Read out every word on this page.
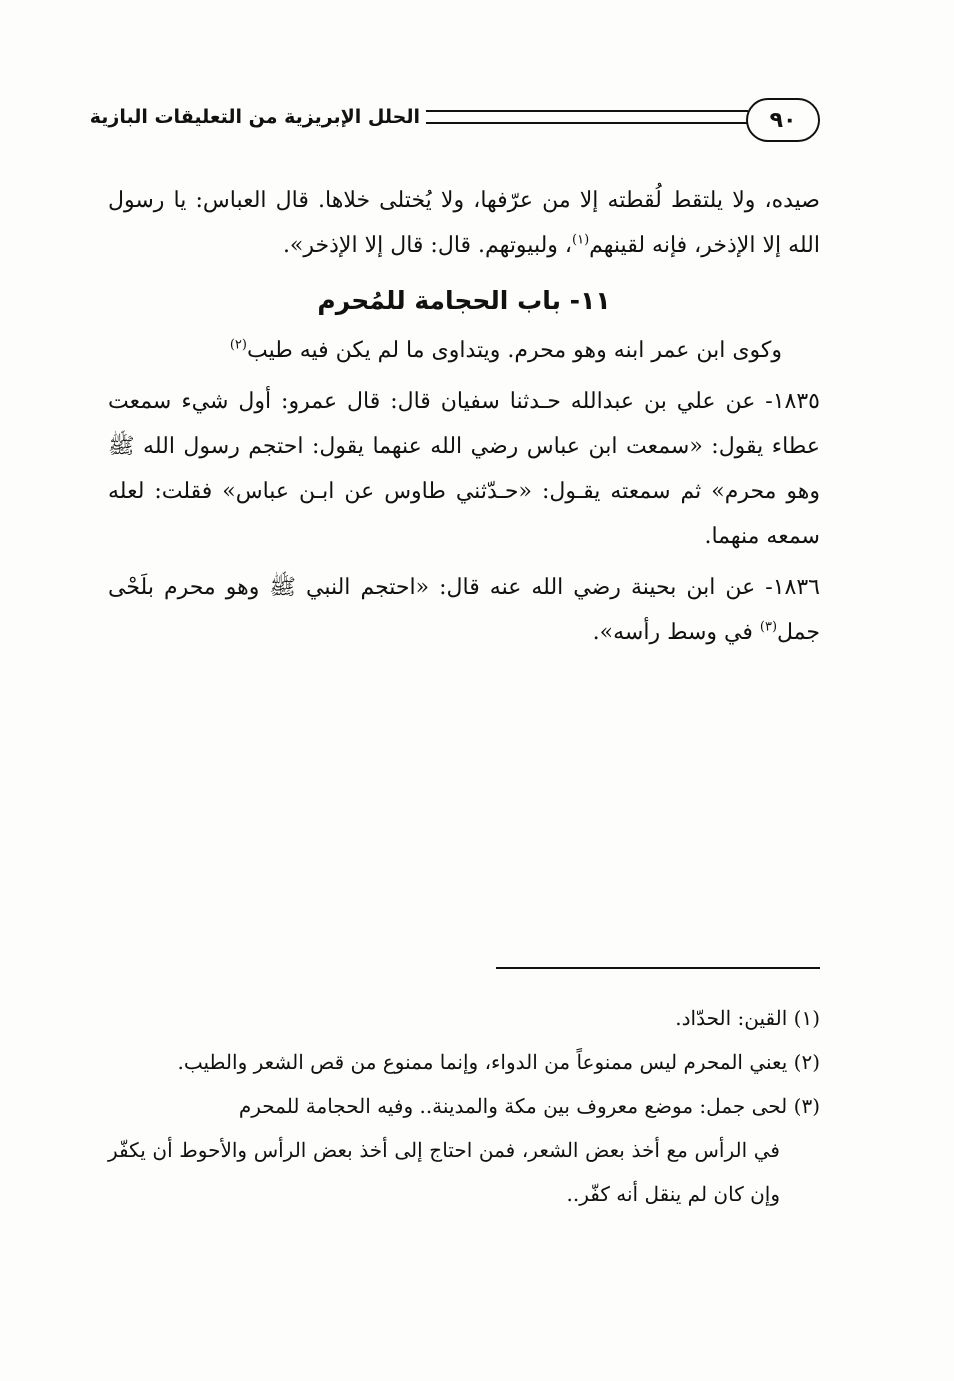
الحلل الإبريزية من التعليقات البازية	٩٠

صيده، ولا يلتقط لُقطته إلا من عرّفها، ولا يُختلى خلاها. قال العباس: يا رسول الله إلا الإذخر، فإنه لقينهم$^{(١)}$، ولبيوتهم. قال: قال إلا الإذخر».

١١- باب الحجامة للمُحرم

وكوى ابن عمر ابنه وهو محرم. ويتداوى ما لم يكن فيه طيب$^{(٢)}$

١٨٣٥- عن علي بن عبدالله حـدثنا سفيان قال: قال عمرو: أول شيء سمعت عطاء يقول: «سمعت ابن عباس رضي الله عنهما يقول: احتجم رسول الله ﷺ وهو محرم» ثم سمعته يقـول: «حـدّثني طاوس عن ابـن عباس» فقلت: لعله سمعه منهما.

١٨٣٦- عن ابن بحينة رضي الله عنه قال: «احتجم النبي ﷺ وهو محرم بلَحْى جمل$^{(٣)}$ في وسط رأسه».

(١) القين: الحدّاد.

(٢) يعني المحرم ليس ممنوعاً من الدواء، وإنما ممنوع من قص الشعر والطيب.

(٣) لحى جمل: موضع معروف بين مكة والمدينة.. وفيه الحجامة للمحرم

في الرأس مع أخذ بعض الشعر، فمن احتاج إلى أخذ بعض الرأس والأحوط أن يكفّر وإن كان لم ينقل أنه كفّر..
